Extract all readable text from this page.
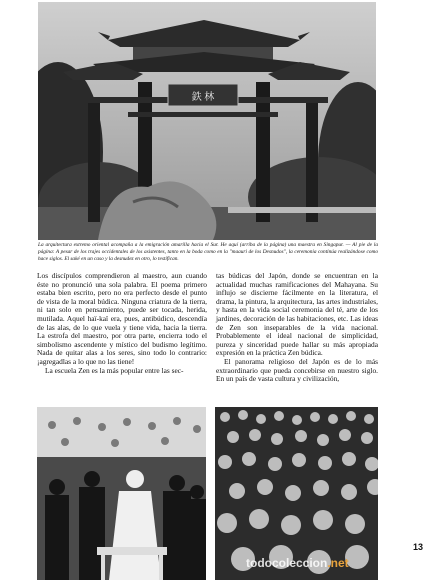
鉄 林
La arquitectura extremo oriental acompaña a la emigración amarilla hacia el Sur. He aquí (arriba de la página) una maestra en Singapur. — Al pie de la página: A pesar de los trajes occidentales de los asistentes, tanto en la boda como en la "maauri de los Desnudos", la ceremonia continúa realizándose como hace siglos. El saké en un caso y la desnudez en otro, lo testifican.

Los discípulos comprendieron al maestro, aun cuando éste no pronunció una sola palabra. El poema primero estaba bien escrito, pero no era perfecto desde el punto de vista de la moral búdica. Ninguna criatura de la tierra, ni tan solo en pensamiento, puede ser tocada, herida, mutilada. Aquel haï-kaï era, pues, antibúdico, descendía de las alas, de lo que vuela y tiene vida, hacia la tierra. La estrofa del maestro, por otra parte, encierra todo el simbolismo ascendente y místico del budismo legítimo. Nada de quitar alas a los seres, sino todo lo contrario: ¡agregadlas a lo que no las tiene!

La escuela Zen es la más popular entre las sec-

tas búdicas del Japón, donde se encuentran en la actualidad muchas ramificaciones del Mahayana. Su influjo se discierne fácilmente en la literatura, el drama, la pintura, la arquitectura, las artes industriales, y hasta en la vida social ceremonia del té, arte de los jardines, decoración de las habitaciones, etc. Las ideas de Zen son inseparables de la vida nacional. Probablemente el ideal nacional de simplicidad, pureza y sinceridad puede hallar su más apropiada expresión en la práctica Zen búdica.

El panorama religioso del Japón es de lo más extraordinario que pueda concebirse en nuestro siglo. En un país de vasta cultura y civilización,

13
todocoleccion.net
